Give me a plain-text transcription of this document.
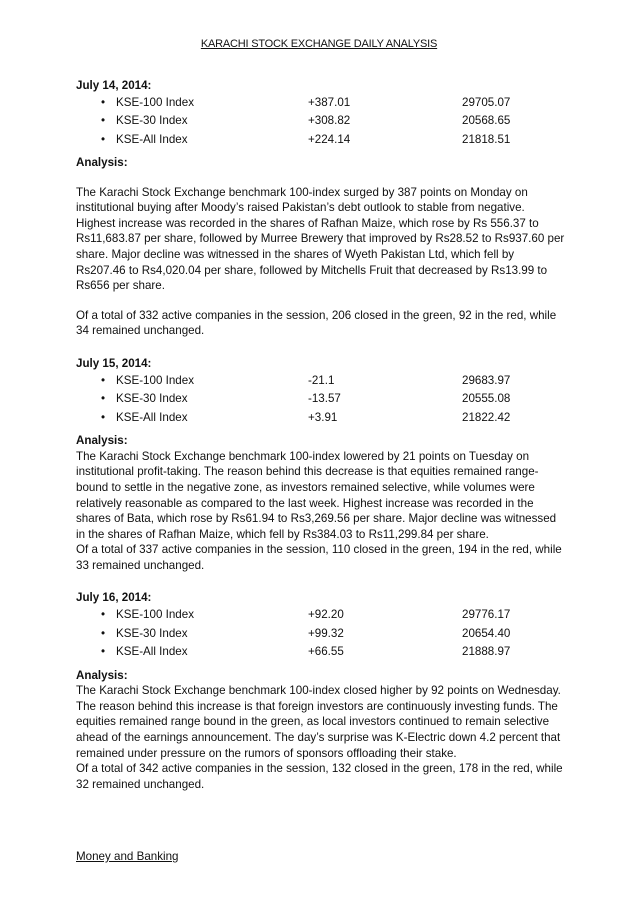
KARACHI STOCK EXCHANGE DAILY ANALYSIS
July 14, 2014:
• KSE-100 Index	+387.01	29705.07
• KSE-30 Index	+308.82	20568.65
• KSE-All Index	+224.14	21818.51
Analysis:

The Karachi Stock Exchange benchmark 100-index surged by 387 points on Monday on institutional buying after Moody’s raised Pakistan’s debt outlook to stable from negative. Highest increase was recorded in the shares of Rafhan Maize, which rose by Rs 556.37 to Rs11,683.87 per share, followed by Murree Brewery that improved by Rs28.52 to Rs937.60 per share. Major decline was witnessed in the shares of Wyeth Pakistan Ltd, which fell by Rs207.46 to Rs4,020.04 per share, followed by Mitchells Fruit that decreased by Rs13.99 to Rs656 per share.

Of a total of 332 active companies in the session, 206 closed in the green, 92 in the red, while 34 remained unchanged.

July 15, 2014:
• KSE-100 Index	-21.1	29683.97
• KSE-30 Index	-13.57	20555.08
• KSE-All Index	+3.91	21822.42
Analysis:

The Karachi Stock Exchange benchmark 100-index lowered by 21 points on Tuesday on institutional profit-taking. The reason behind this decrease is that equities remained range-bound to settle in the negative zone, as investors remained selective, while volumes were relatively reasonable as compared to the last week. Highest increase was recorded in the shares of Bata, which rose by Rs61.94 to Rs3,269.56 per share. Major decline was witnessed in the shares of Rafhan Maize, which fell by Rs384.03 to Rs11,299.84 per share.

Of a total of 337 active companies in the session, 110 closed in the green, 194 in the red, while 33 remained unchanged.

July 16, 2014:
• KSE-100 Index	+92.20	29776.17
• KSE-30 Index	+99.32	20654.40
• KSE-All Index	+66.55	21888.97
Analysis:

The Karachi Stock Exchange benchmark 100-index closed higher by 92 points on Wednesday. The reason behind this increase is that foreign investors are continuously investing funds. The equities remained range bound in the green, as local investors continued to remain selective ahead of the earnings announcement. The day’s surprise was K-Electric down 4.2 percent that remained under pressure on the rumors of sponsors offloading their stake.

Of a total of 342 active companies in the session, 132 closed in the green, 178 in the red, while 32 remained unchanged.

Money and Banking
